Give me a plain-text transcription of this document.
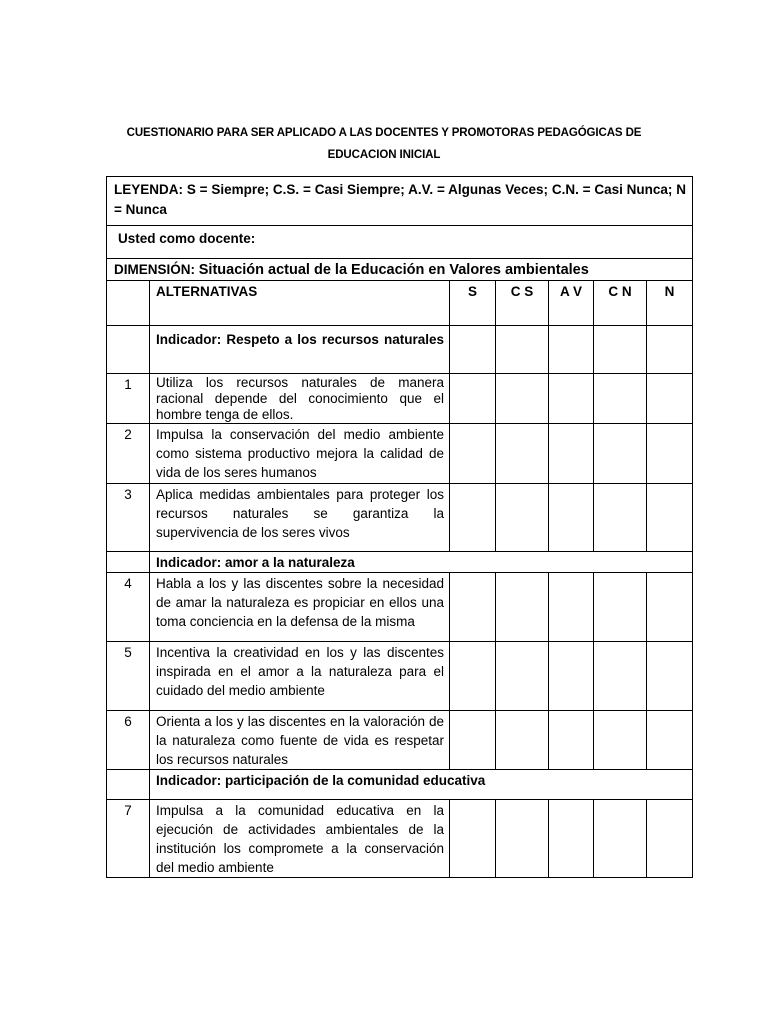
CUESTIONARIO PARA SER APLICADO A LAS DOCENTES Y PROMOTORAS PEDAGÓGICAS DE
EDUCACION INICIAL
LEYENDA: S = Siempre; C.S. = Casi Siempre; A.V. = Algunas Veces; C.N. = Casi Nunca; N = Nunca						
Usted como docente:						
DIMENSIÓN: Situación actual de la Educación en Valores ambientales						
	ALTERNATIVAS	S	C S	A V	C N	N

	Indicador: Respeto a los recursos naturales					

1	Utiliza los recursos naturales de manera racional depende del conocimiento que el hombre tenga de ellos.					
2	Impulsa la conservación del medio ambiente como sistema productivo mejora la calidad de vida de los seres humanos					
3	Aplica medidas ambientales para proteger los recursos naturales se garantiza la supervivencia de los seres vivos					
	Indicador: amor a la naturaleza					
4	Habla a los y las discentes sobre la necesidad de amar la naturaleza es propiciar en ellos una toma conciencia en la defensa de la misma					
5	Incentiva la creatividad en los y las discentes inspirada en el amor a la naturaleza para el cuidado del medio ambiente					
6	Orienta a los y las discentes en la valoración de la naturaleza como fuente de vida es respetar los recursos naturales					
	Indicador: participación de la comunidad educativa					
7	Impulsa a la comunidad educativa en la ejecución de actividades ambientales de la institución los compromete a la conservación del medio ambiente					
